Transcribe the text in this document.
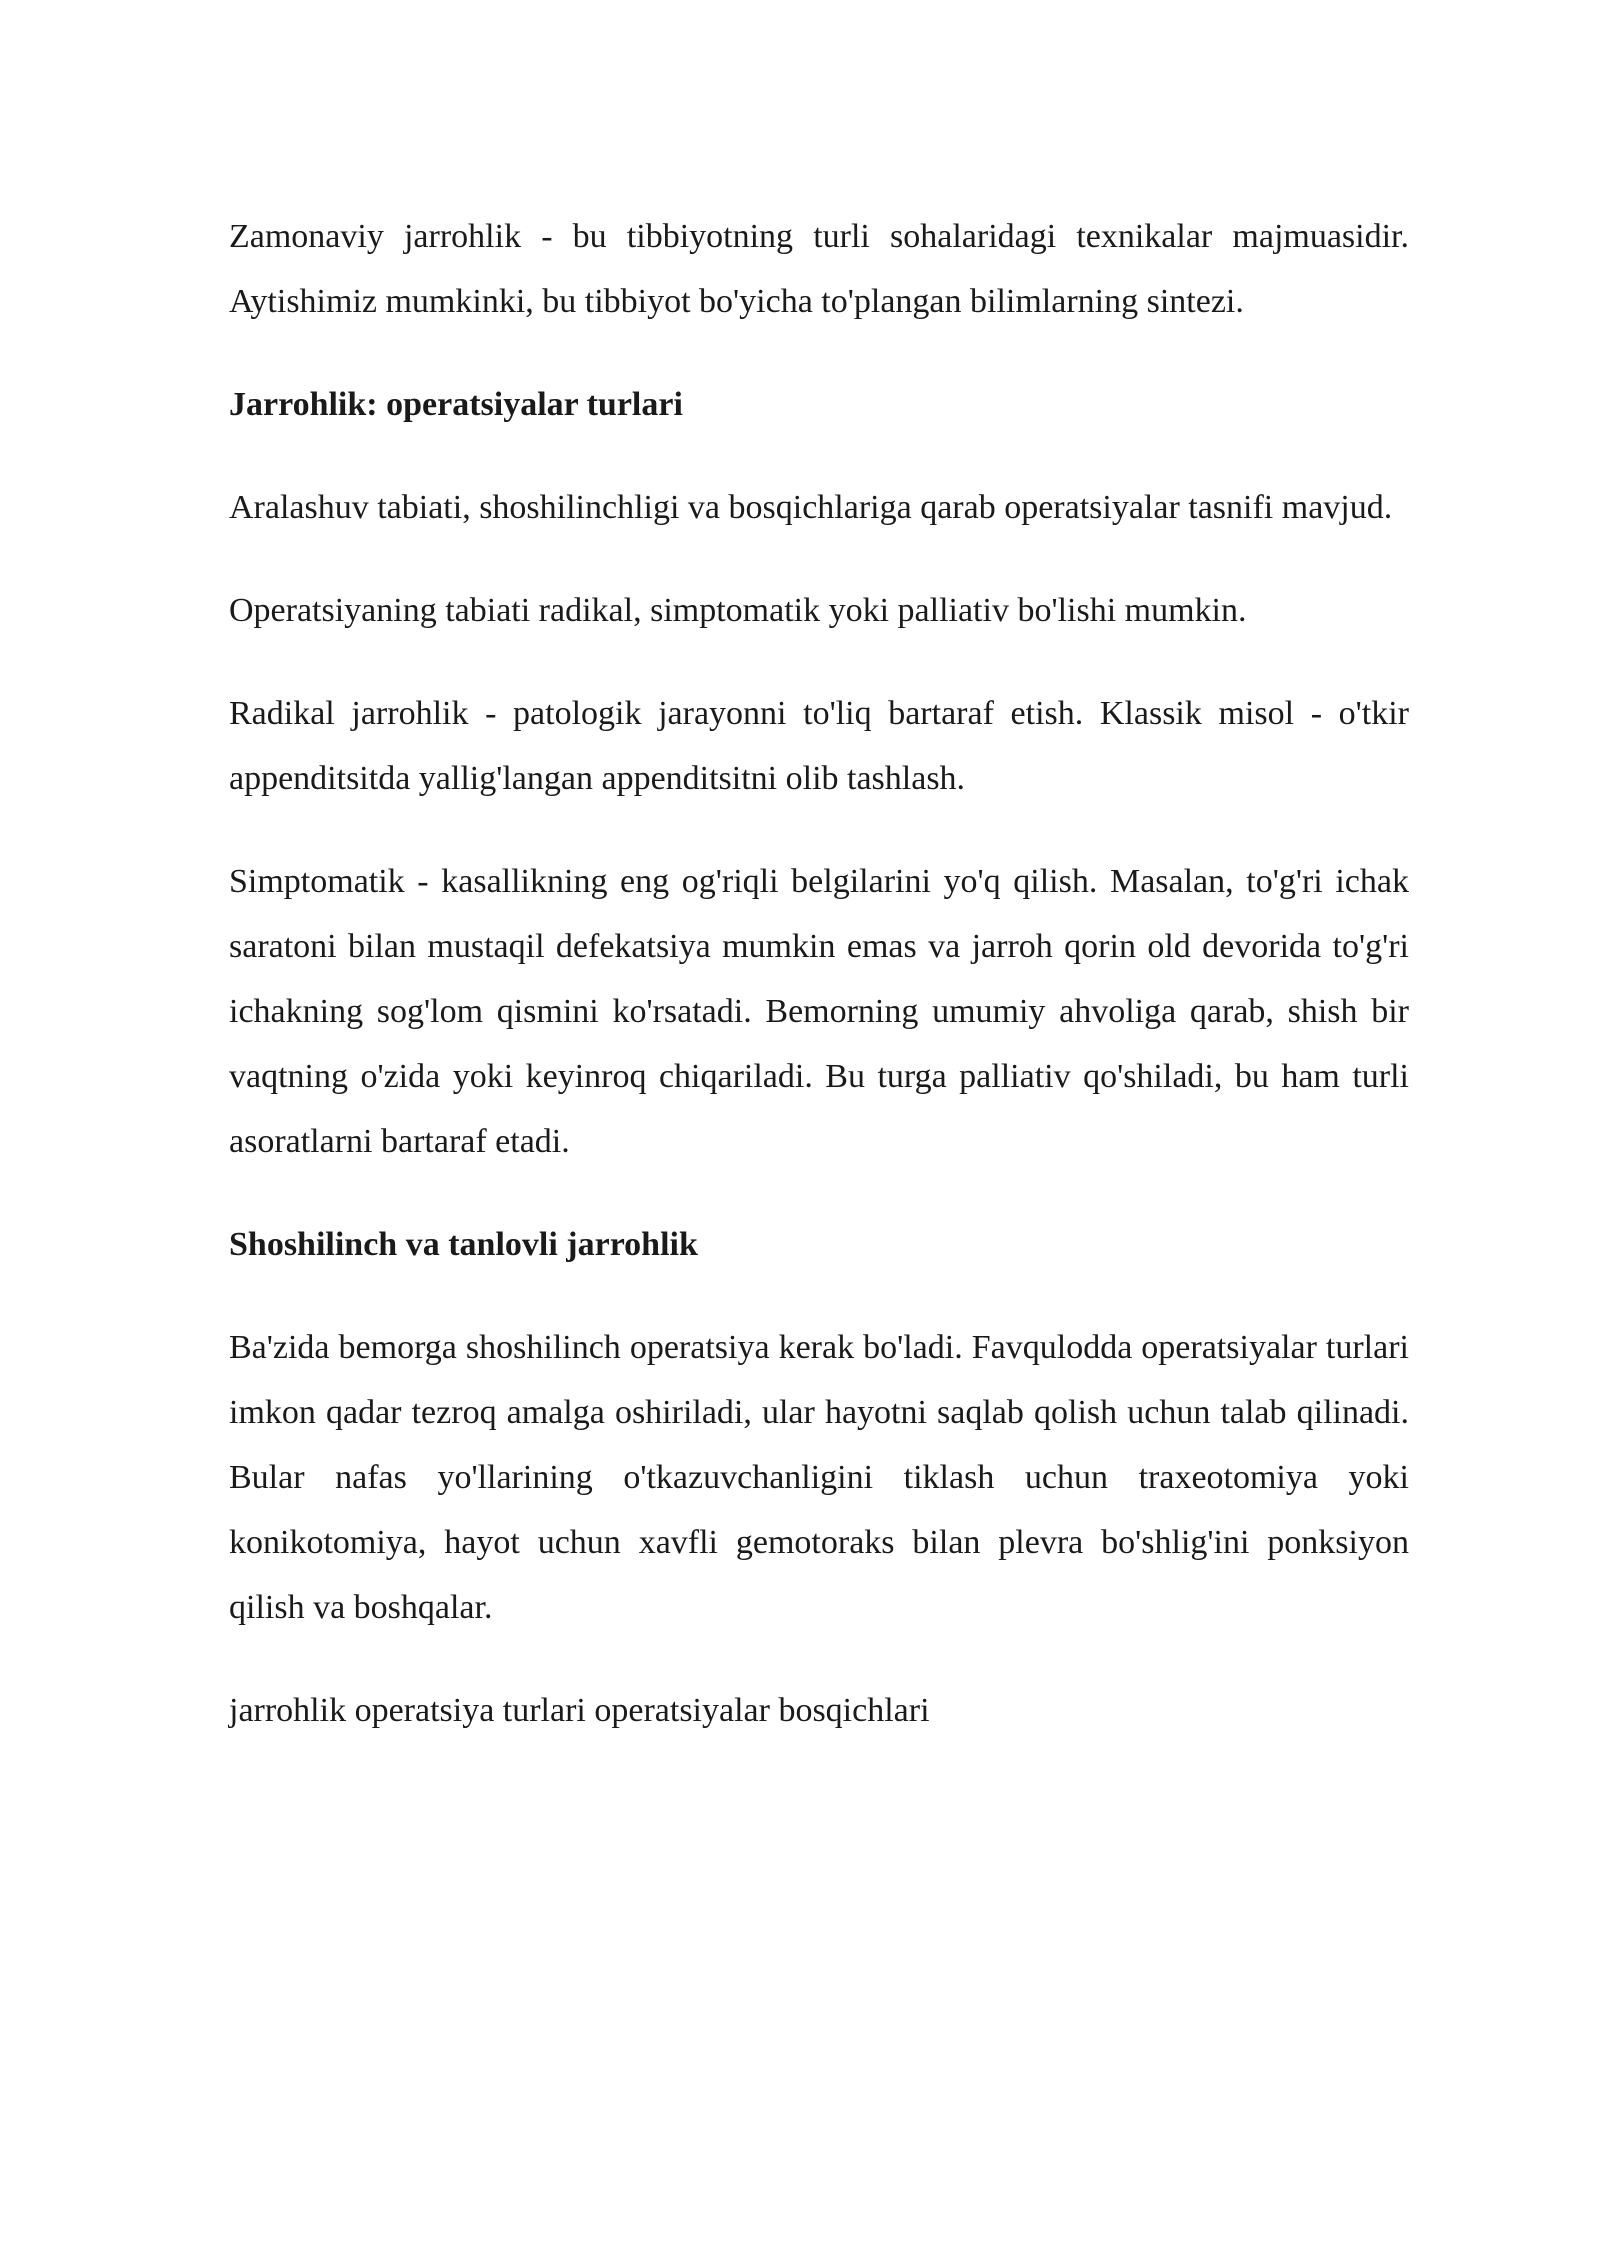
Zamonaviy jarrohlik - bu tibbiyotning turli sohalaridagi texnikalar majmuasidir. Aytishimiz mumkinki, bu tibbiyot bo'yicha to'plangan bilimlarning sintezi.

Jarrohlik: operatsiyalar turlari

Aralashuv tabiati, shoshilinchligi va bosqichlariga qarab operatsiyalar tasnifi mavjud.

Operatsiyaning tabiati radikal, simptomatik yoki palliativ bo'lishi mumkin.

Radikal jarrohlik - patologik jarayonni to'liq bartaraf etish. Klassik misol - o'tkir appenditsitda yallig'langan appenditsitni olib tashlash.

Simptomatik - kasallikning eng og'riqli belgilarini yo'q qilish. Masalan, to'g'ri ichak saratoni bilan mustaqil defekatsiya mumkin emas va jarroh qorin old devorida to'g'ri ichakning sog'lom qismini ko'rsatadi. Bemorning umumiy ahvoliga qarab, shish bir vaqtning o'zida yoki keyinroq chiqariladi. Bu turga palliativ qo'shiladi, bu ham turli asoratlarni bartaraf etadi.

Shoshilinch va tanlovli jarrohlik

Ba'zida bemorga shoshilinch operatsiya kerak bo'ladi. Favqulodda operatsiyalar turlari imkon qadar tezroq amalga oshiriladi, ular hayotni saqlab qolish uchun talab qilinadi. Bular nafas yo'llarining o'tkazuvchanligini tiklash uchun traxeotomiya yoki konikotomiya, hayot uchun xavfli gemotoraks bilan plevra bo'shlig'ini ponksiyon qilish va boshqalar.

jarrohlik operatsiya turlari operatsiyalar bosqichlari
